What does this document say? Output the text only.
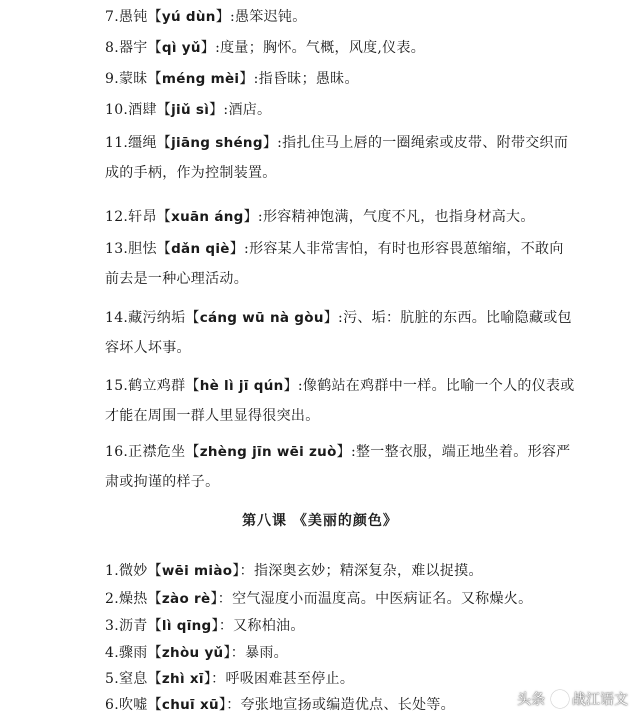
7.愚钝【yú dùn】:愚笨迟钝。
8.器宇【qì yǔ】:度量；胸怀。气概，风度,仪表。
9.蒙昧【méng mèi】:指昏昧；愚昧。
10.酒肆【jiǔ sì】:酒店。
11.缰绳【jiāng shéng】:指扎住马上唇的一圈绳索或皮带、附带交织而成的手柄，作为控制装置。
12.轩昂【xuān áng】:形容精神饱满，气度不凡，也指身材高大。
13.胆怯【dǎn qiè】:形容某人非常害怕，有时也形容畏葸缩缩，不敢向前去是一种心理活动。
14.藏污纳垢【cáng wū nà gòu】:污、垢：肮脏的东西。比喻隐藏或包容坏人坏事。
15.鹤立鸡群【hè lì jī qún】:像鹤站在鸡群中一样。比喻一个人的仪表或才能在周围一群人里显得很突出。
16.正襟危坐【zhèng jīn wēi zuò】:整一整衣服，端正地坐着。形容严肃或拘谨的样子。
第八课 《美丽的颜色》
1.微妙【wēi miào】：指深奥玄妙；精深复杂，难以捉摸。
2.燥热【zào rè】：空气湿度小而温度高。中医病证名。又称燥火。
3.沥青【lì qīng】：又称柏油。
4.骤雨【zhòu yǔ】：暴雨。
5.窒息【zhì xī】：呼吸困难甚至停止。
6.吹嘘【chuī xū】：夸张地宣扬或编造优点、长处等。	头条 战江语文
